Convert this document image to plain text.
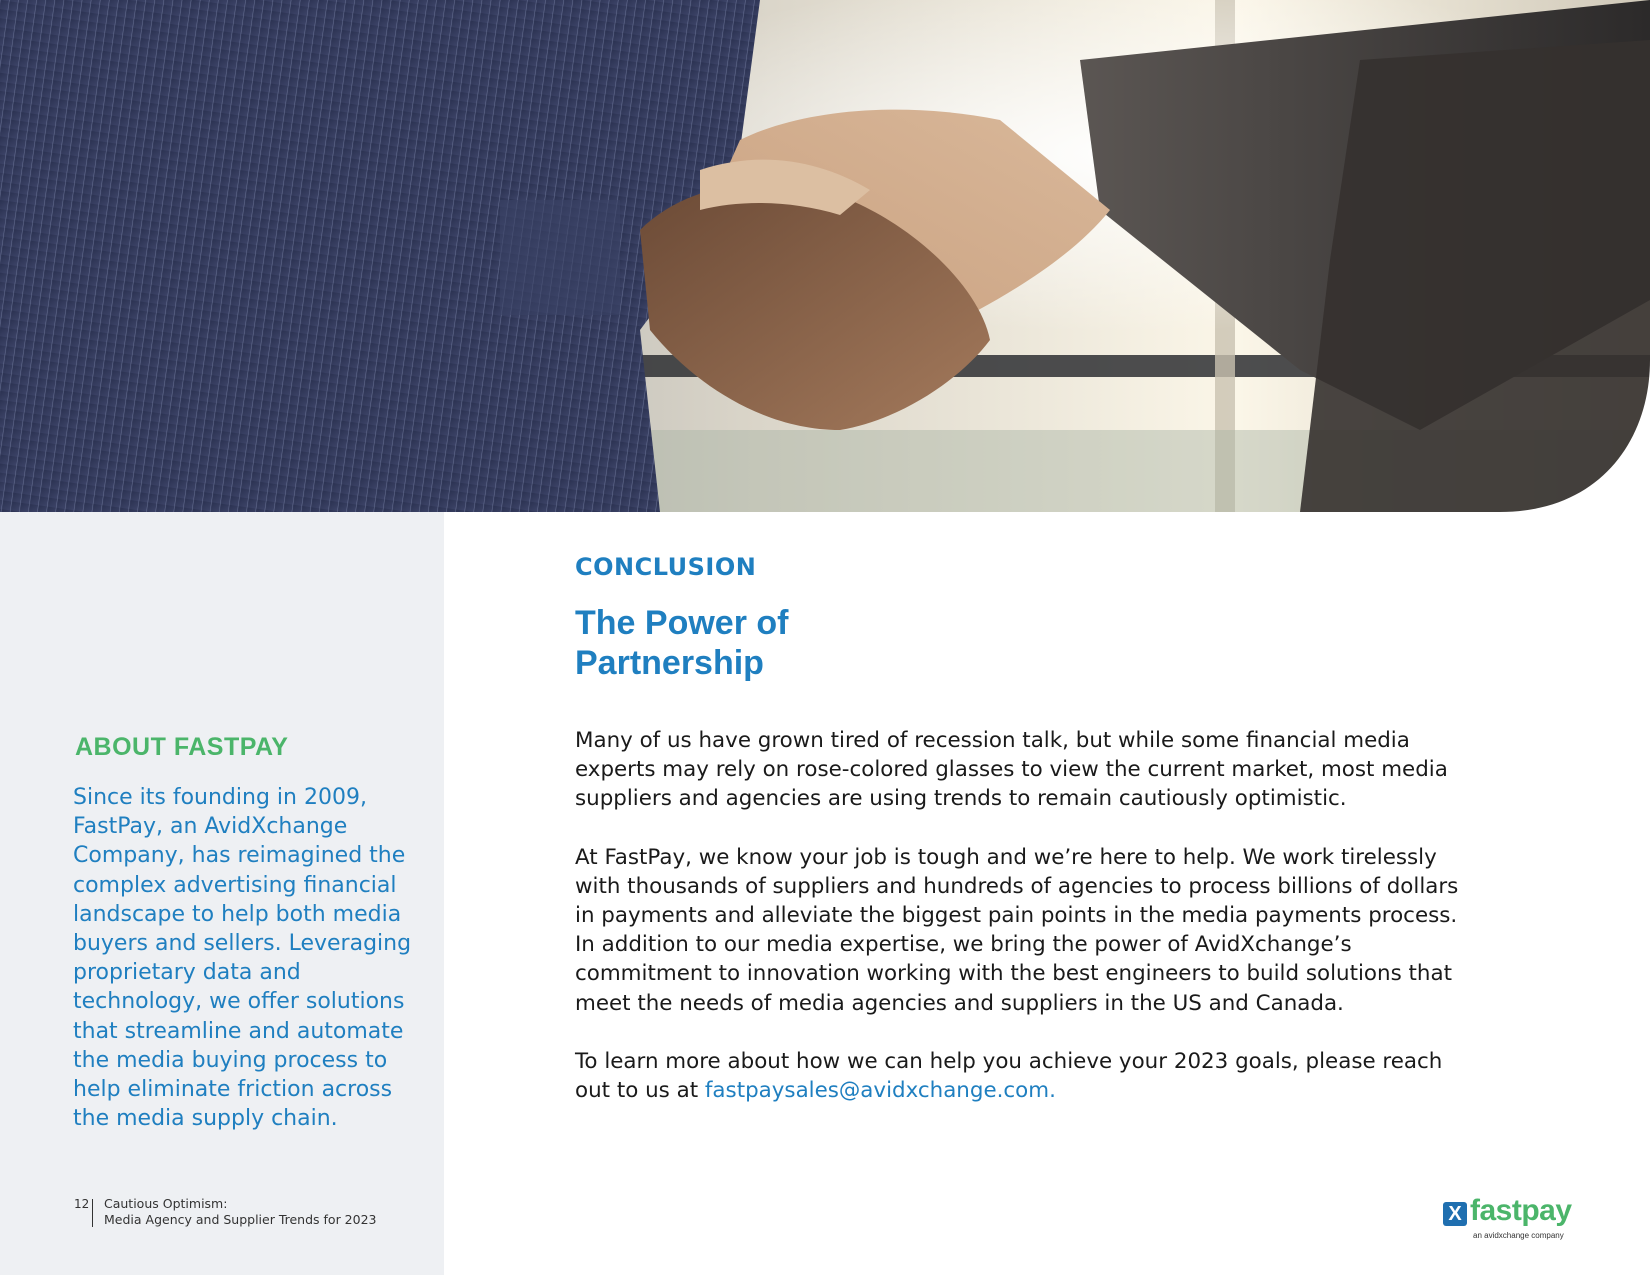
ABOUT FASTPAY

Since its founding in 2009, FastPay, an AvidXchange Company, has reimagined the complex advertising financial landscape to help both media buyers and sellers. Leveraging proprietary data and technology, we offer solutions that streamline and automate the media buying process to help eliminate friction across the media supply chain.

12 Cautious Optimism:
Media Agency and Supplier Trends for 2023
CONCLUSION
The Power of
Partnership

Many of us have grown tired of recession talk, but while some financial media experts may rely on rose-colored glasses to view the current market, most media suppliers and agencies are using trends to remain cautiously optimistic.

At FastPay, we know your job is tough and we’re here to help. We work tirelessly with thousands of suppliers and hundreds of agencies to process billions of dollars in payments and alleviate the biggest pain points in the media payments process. In addition to our media expertise, we bring the power of AvidXchange’s commitment to innovation working with the best engineers to build solutions that meet the needs of media agencies and suppliers in the US and Canada.

To learn more about how we can help you achieve your 2023 goals, please reach out to us at fastpaysales@avidxchange.com.

X fastpay
an avidxchange company
